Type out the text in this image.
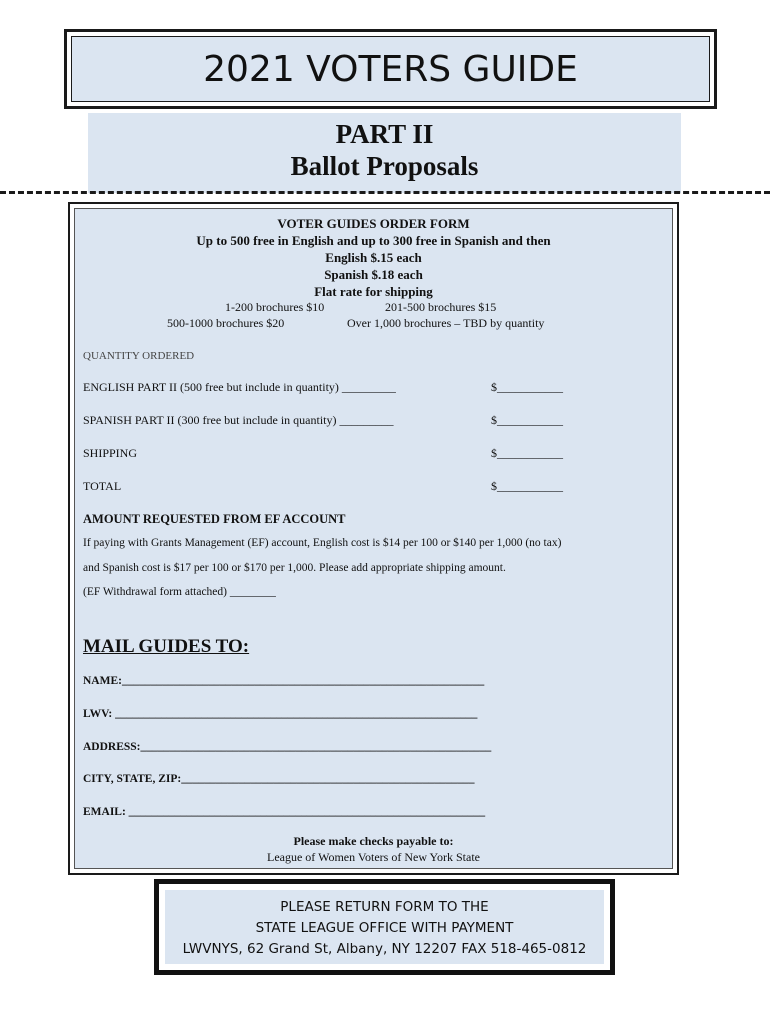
2021 VOTERS GUIDE
PART II
Ballot Proposals
VOTER GUIDES ORDER FORM
Up to 500 free in English and up to 300 free in Spanish and then
English $.15 each
Spanish $.18 each
Flat rate for shipping
1-200 brochures $10	201-500 brochures $15
500-1000 brochures $20	Over 1,000 brochures – TBD by quantity
QUANTITY ORDERED
ENGLISH PART II (500 free but include in quantity) _________	$___________
SPANISH PART II (300 free but include in quantity) _________	$___________
SHIPPING	$___________
TOTAL	$___________
AMOUNT REQUESTED FROM EF ACCOUNT
If paying with Grants Management (EF) account, English cost is $14 per 100 or $140 per 1,000 (no tax)
and Spanish cost is $17 per 100 or $170 per 1,000. Please add appropriate shipping amount.
(EF Withdrawal form attached) ________
MAIL GUIDES TO:
NAME:_______________________________________________________________
LWV: _______________________________________________________________
ADDRESS:_____________________________________________________________
CITY, STATE, ZIP:___________________________________________________
EMAIL: ______________________________________________________________
Please make checks payable to:
League of Women Voters of New York State
PLEASE RETURN FORM TO THE
STATE LEAGUE OFFICE WITH PAYMENT
LWVNYS, 62 Grand St, Albany, NY 12207 FAX 518-465-0812
